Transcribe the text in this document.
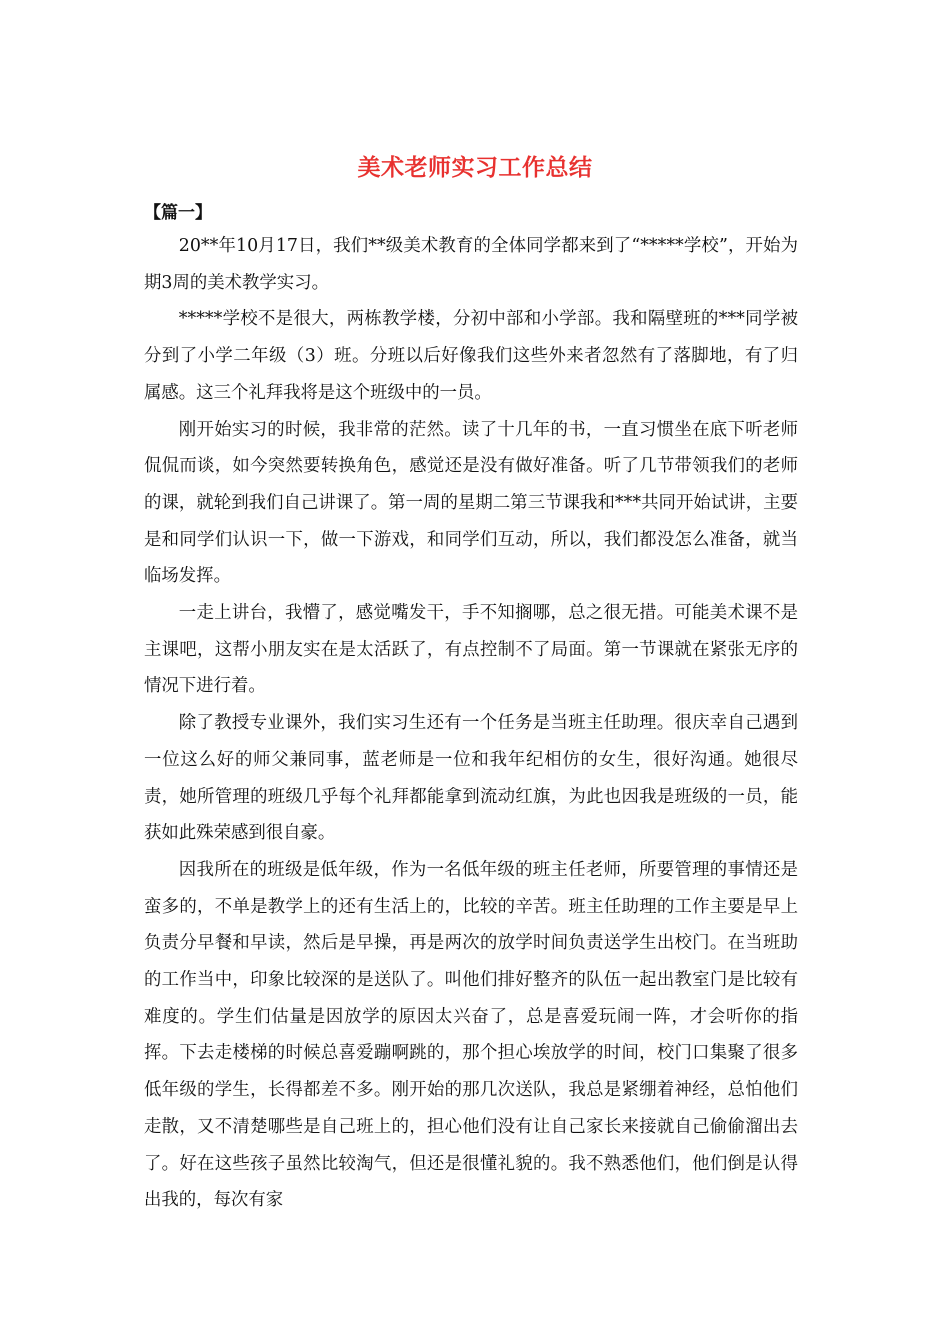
美术老师实习工作总结
【篇一】

20**年10月17日，我们**级美术教育的全体同学都来到了“*****学校”，开始为期3周的美术教学实习。

*****学校不是很大，两栋教学楼，分初中部和小学部。我和隔壁班的***同学被分到了小学二年级（3）班。分班以后好像我们这些外来者忽然有了落脚地，有了归属感。这三个礼拜我将是这个班级中的一员。

刚开始实习的时候，我非常的茫然。读了十几年的书，一直习惯坐在底下听老师侃侃而谈，如今突然要转换角色，感觉还是没有做好准备。听了几节带领我们的老师的课，就轮到我们自己讲课了。第一周的星期二第三节课我和***共同开始试讲，主要是和同学们认识一下，做一下游戏，和同学们互动，所以，我们都没怎么准备，就当临场发挥。

一走上讲台，我懵了，感觉嘴发干，手不知搁哪，总之很无措。可能美术课不是主课吧，这帮小朋友实在是太活跃了，有点控制不了局面。第一节课就在紧张无序的情况下进行着。

除了教授专业课外，我们实习生还有一个任务是当班主任助理。很庆幸自己遇到一位这么好的师父兼同事，蓝老师是一位和我年纪相仿的女生，很好沟通。她很尽责，她所管理的班级几乎每个礼拜都能拿到流动红旗，为此也因我是班级的一员，能获如此殊荣感到很自豪。

因我所在的班级是低年级，作为一名低年级的班主任老师，所要管理的事情还是蛮多的，不单是教学上的还有生活上的，比较的辛苦。班主任助理的工作主要是早上负责分早餐和早读，然后是早操，再是两次的放学时间负责送学生出校门。在当班助的工作当中，印象比较深的是送队了。叫他们排好整齐的队伍一起出教室门是比较有难度的。学生们估量是因放学的原因太兴奋了，总是喜爱玩闹一阵，才会听你的指挥。下去走楼梯的时候总喜爱蹦啊跳的，那个担心埃放学的时间，校门口集聚了很多低年级的学生，长得都差不多。刚开始的那几次送队，我总是紧绷着神经，总怕他们走散，又不清楚哪些是自己班上的，担心他们没有让自己家长来接就自己偷偷溜出去了。好在这些孩子虽然比较淘气，但还是很懂礼貌的。我不熟悉他们，他们倒是认得出我的，每次有家
